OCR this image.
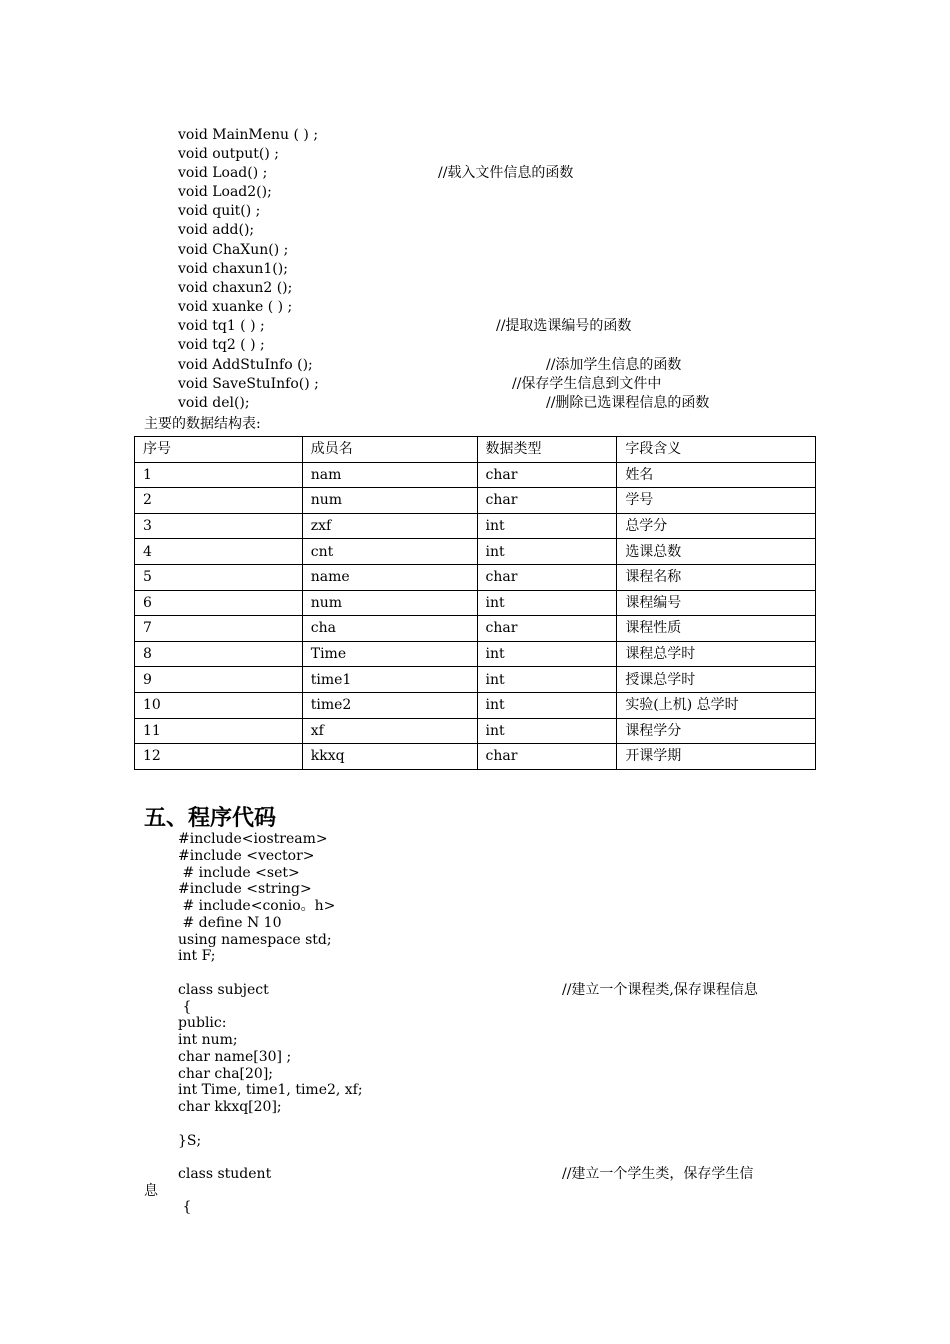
void MainMenu ( ) ;
void output() ;
void Load() ;
void Load2();
void quit() ;
void add();
void ChaXun() ;
void chaxun1();
void chaxun2 ();
void xuanke ( ) ;
void tq1 ( ) ;
void tq2 ( ) ;
void AddStuInfo ();
void SaveStuInfo() ;
void del();
//载入文件信息的函数
//提取选课编号的函数
//添加学生信息的函数
//保存学生信息到文件中
//删除已选课程信息的函数
主要的数据结构表:
序号	成员名	数据类型	字段含义
1	nam	char	姓名
2	num	char	学号
3	zxf	int	总学分
4	cnt	int	选课总数
5	name	char	课程名称
6	num	int	课程编号
7	cha	char	课程性质
8	Time	int	课程总学时
9	time1	int	授课总学时
10	time2	int	实验(上机) 总学时
11	xf	int	课程学分
12	kkxq	char	开课学期
五、程序代码
#include<iostream>
#include <vector>
# include <set>
#include <string>
# include<conio。h>
# define N 10
using namespace std;
int F;
class subject
{
public:
int num;
char name[30] ;
char cha[20];
int Time, time1, time2, xf;
char kkxq[20];
}S;
class student
{
//建立一个课程类,保存课程信息
//建立一个学生类，保存学生信
息
